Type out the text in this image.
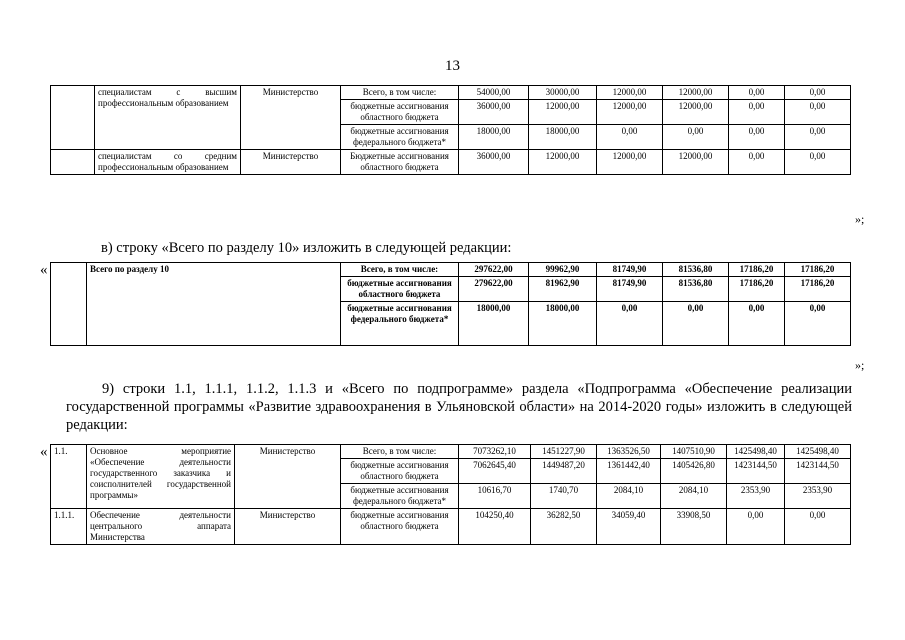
13
	специалистам с высшим профессиональным образованием	Министерство	Всего, в том числе:	54000,00	30000,00	12000,00	12000,00	0,00	0,00
			бюджетные ассигнования областного бюджета	36000,00	12000,00	12000,00	12000,00	0,00	0,00
			бюджетные ассигнования федерального бюджета*	18000,00	18000,00	0,00	0,00	0,00	0,00
	специалистам со средним профессиональным образованием	Министерство	Бюджетные ассигнования областного бюджета	36000,00	12000,00	12000,00	12000,00	0,00	0,00
»;
в) строку «Всего по разделу 10» изложить в следующей редакции:
«
		Всего по разделу 10	Всего, в том числе:	297622,00	99962,90	81749,90	81536,80	17186,20	17186,20
		бюджетные ассигнования областного бюджета	279622,00	81962,90	81749,90	81536,80	17186,20	17186,20
		бюджетные ассигнования федерального бюджета*	18000,00	18000,00	0,00	0,00	0,00	0,00
»;
9) строки 1.1, 1.1.1, 1.1.2, 1.1.3 и «Всего по подпрограмме» раздела «Подпрограмма «Обеспечение реализации государственной программы «Развитие здравоохранения в Ульяновской области» на 2014-2020 годы» изложить в следующей редакции:
« 1.1.	Основное мероприятие «Обеспечение деятельности государственного заказчика и соисполнителей государственной программы»	Министерство	Всего, в том числе:	7073262,10	1451227,90	1363526,50	1407510,90	1425498,40	1425498,40
			бюджетные ассигнования областного бюджета	7062645,40	1449487,20	1361442,40	1405426,80	1423144,50	1423144,50
			бюджетные ассигнования федерального бюджета*	10616,70	1740,70	2084,10	2084,10	2353,90	2353,90
1.1.1.	Обеспечение деятельности центрального аппарата Министерства	Министерство	бюджетные ассигнования областного бюджета	104250,40	36282,50	34059,40	33908,50	0,00	0,00
